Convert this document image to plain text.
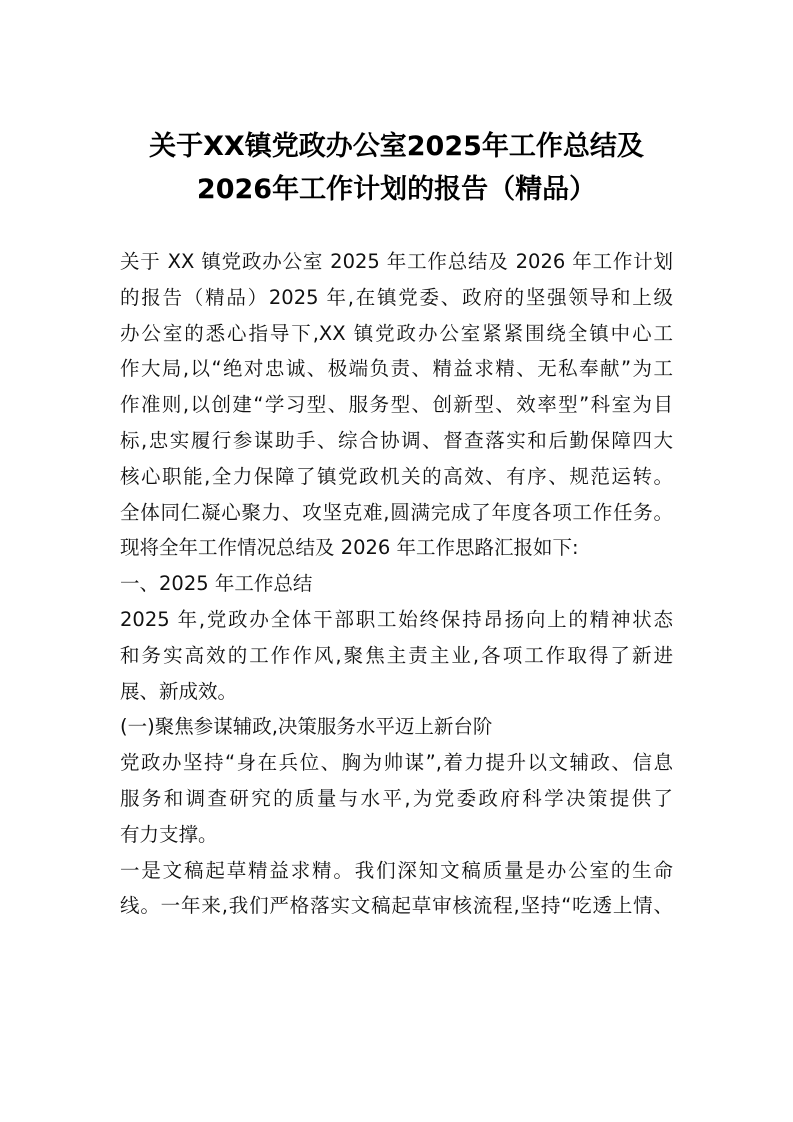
关于XX镇党政办公室2025年工作总结及
2026年工作计划的报告（精品）
关于 XX 镇党政办公室 2025 年工作总结及 2026 年工作计划
的报告（精品）2025 年,在镇党委、政府的坚强领导和上级
办公室的悉心指导下,XX 镇党政办公室紧紧围绕全镇中心工
作大局,以“绝对忠诚、极端负责、精益求精、无私奉献”为工
作准则,以创建“学习型、服务型、创新型、效率型”科室为目
标,忠实履行参谋助手、综合协调、督查落实和后勤保障四大
核心职能,全力保障了镇党政机关的高效、有序、规范运转。
全体同仁凝心聚力、攻坚克难,圆满完成了年度各项工作任务。
现将全年工作情况总结及 2026 年工作思路汇报如下:
一、2025 年工作总结
2025 年,党政办全体干部职工始终保持昂扬向上的精神状态
和务实高效的工作作风,聚焦主责主业,各项工作取得了新进
展、新成效。
(一)聚焦参谋辅政,决策服务水平迈上新台阶
党政办坚持“身在兵位、胸为帅谋”,着力提升以文辅政、信息
服务和调查研究的质量与水平,为党委政府科学决策提供了
有力支撑。
一是文稿起草精益求精。我们深知文稿质量是办公室的生命
线。一年来,我们严格落实文稿起草审核流程,坚持“吃透上情、
